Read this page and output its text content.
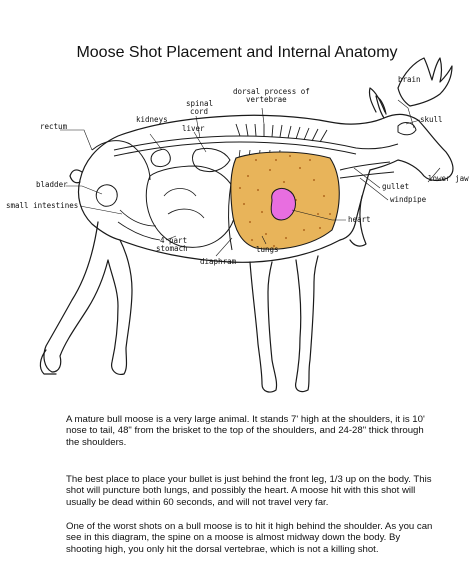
Moose Shot Placement and Internal Anatomy
brain
dorsal process of
vertebrae
spinal
cord
kidneys	skull
rectum	liver
lower jaw
gullet
bladder
windpipe
small intestines
heart
4 part
stomach	lungs
diaphram
A mature bull moose is a very large animal. It stands 7' high at the shoulders, it is 10' nose to tail, 48" from the brisket to the top of the shoulders, and 24-28" thick through the shoulders.
The best place to place your bullet is just behind the front leg, 1/3 up on the body. This shot will puncture both lungs, and possibly the heart. A moose hit with this shot will usually be dead within 60 seconds, and will not travel very far.
One of the worst shots on a bull moose is to hit it high behind the shoulder. As you can see in this diagram, the spine on a moose is almost midway down the body. By shooting high, you only hit the dorsal vertebrae, which is not a killing shot.
